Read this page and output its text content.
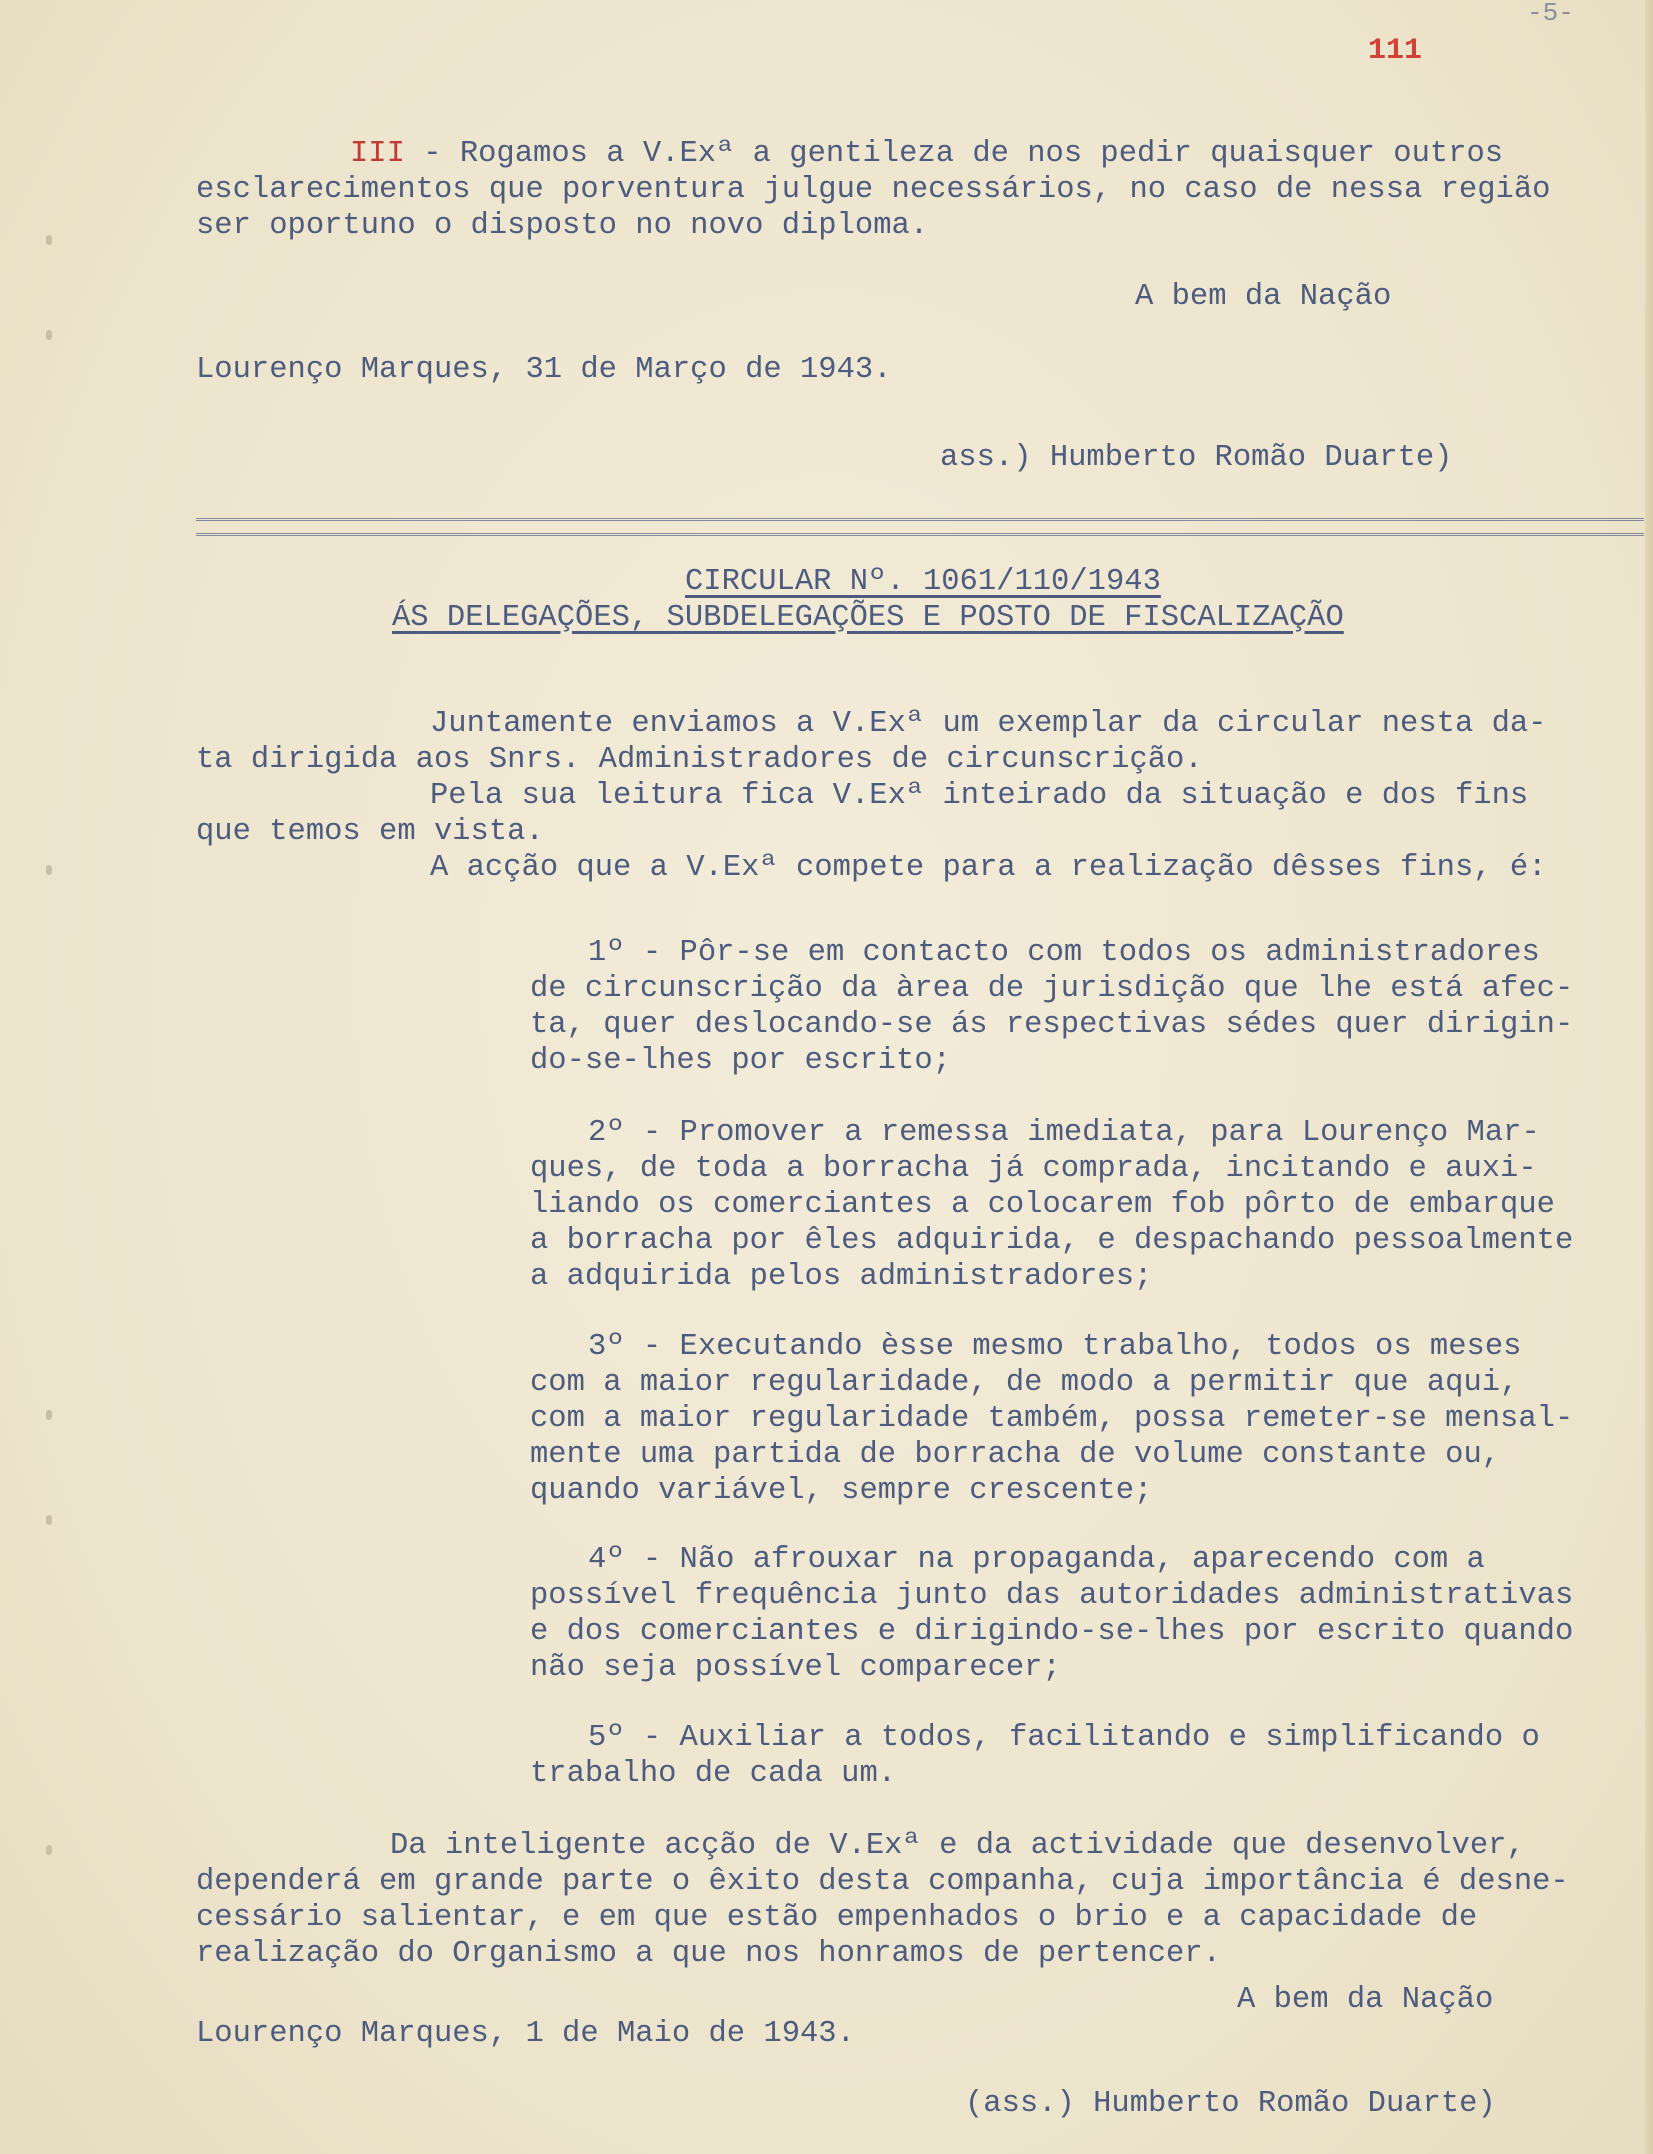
-5-
111
III - Rogamos a V.Exª a gentileza de nos pedir quaisquer outros
esclarecimentos que porventura julgue necessários, no caso de nessa região
ser oportuno o disposto no novo diploma.
A bem da Nação
Lourenço Marques, 31 de Março de 1943.
ass.) Humberto Romão Duarte)
CIRCULAR Nº. 1061/110/1943
ÁS DELEGAÇÕES, SUBDELEGAÇÕES E POSTO DE FISCALIZAÇÃO
Juntamente enviamos a V.Exª um exemplar da circular nesta da-
ta dirigida aos Snrs. Administradores de circunscrição.
Pela sua leitura fica V.Exª inteirado da situação e dos fins
que temos em vista.
A acção que a V.Exª compete para a realização dêsses fins, é:
1º - Pôr-se em contacto com todos os administradores
de circunscrição da àrea de jurisdição que lhe está afec-
ta, quer deslocando-se ás respectivas sédes quer dirigin-
do-se-lhes por escrito;
2º - Promover a remessa imediata, para Lourenço Mar-
ques, de toda a borracha já comprada, incitando e auxi-
liando os comerciantes a colocarem fob pôrto de embarque
a borracha por êles adquirida, e despachando pessoalmente
a adquirida pelos administradores;
3º - Executando èsse mesmo trabalho, todos os meses
com a maior regularidade, de modo a permitir que aqui,
com a maior regularidade também, possa remeter-se mensal-
mente uma partida de borracha de volume constante ou,
quando variável, sempre crescente;
4º - Não afrouxar na propaganda, aparecendo com a
possível frequência junto das autoridades administrativas
e dos comerciantes e dirigindo-se-lhes por escrito quando
não seja possível comparecer;
5º - Auxiliar a todos, facilitando e simplificando o
trabalho de cada um.
Da inteligente acção de V.Exª e da actividade que desenvolver,
dependerá em grande parte o êxito desta companha, cuja importância é desne-
cessário salientar, e em que estão empenhados o brio e a capacidade de
realização do Organismo a que nos honramos de pertencer.
A bem da Nação
Lourenço Marques, 1 de Maio de 1943.
(ass.) Humberto Romão Duarte)
